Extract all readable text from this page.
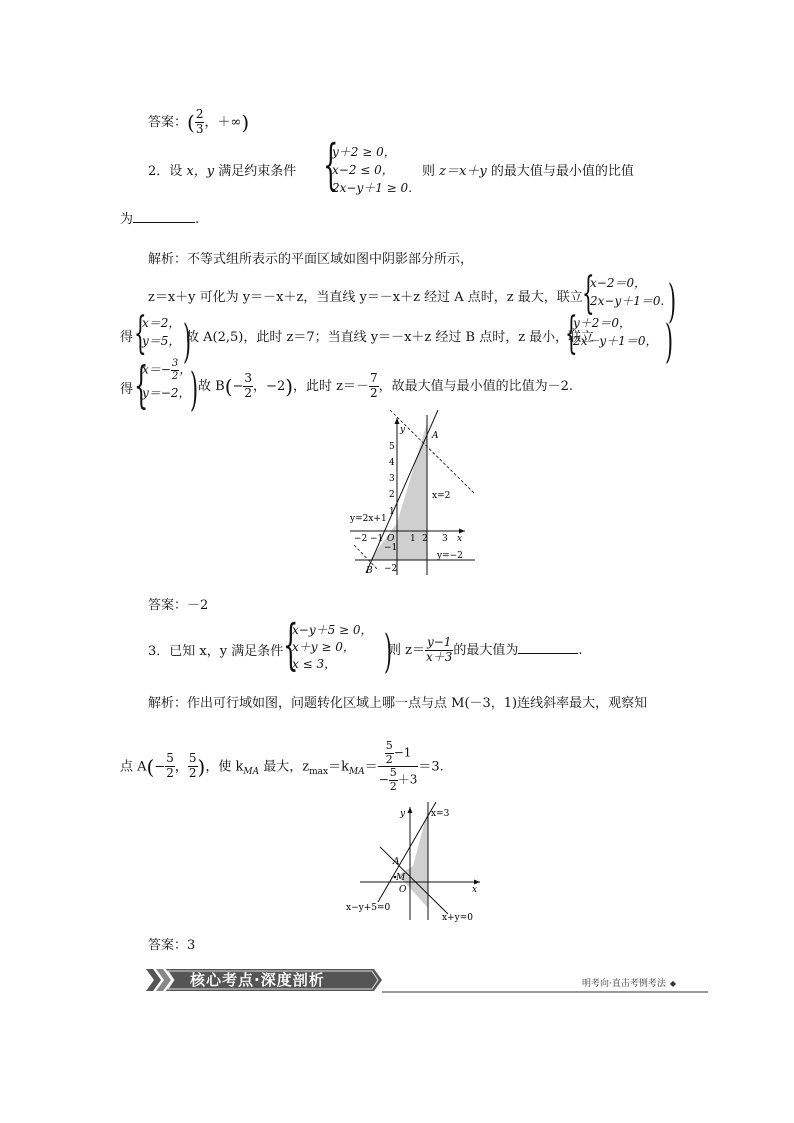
答案：( $\frac{2}{3}$ ，＋∞)
2．设 x，y 满足约束条件 {
y＋2 ≥ 0，
x−2 ≤ 0，
2x−y＋1 ≥ 0.
则 z＝x＋y 的最大值与最小值的比值
为	.
解析：不等式组所表示的平面区域如图中阴影部分所示，
z＝x＋y 可化为 y＝－x＋z，当直线 y＝－x＋z 经过 A 点时，z 最大，联立 {
x−2＝0，
2x−y＋1＝0. )
得 {
x＝2，
y＝5， )
故 A(2,5)，此时 z＝7；当直线 y＝－x＋z 经过 B 点时，z 最小，联立
{
y＋2＝0，
2x－y＋1＝0， )
得 {
$x=- \frac{3}{2}$ ，
y＝−2， ) 故 $B(- \frac{3}{2}$ ，−2)，此时 $z=- \frac{7}{2}$ ，故最大值与最小值的比值为－2.
y
x
A
B
O
x=2
y=2x+1
y=−2
5
4
3
2
1
−1
−2
−2 −1	1 2 3
答案：－2
3．已知 x，y 满足条件 {
x−y＋5 ≥ 0，
x＋y ≥ 0，
x ≤ 3，	)
则 $z= \frac{y-1}{x+3}$ 的最大值为	.
解析：作出可行域如图，问题转化区域上哪一点与点 M(－3，1)连线斜率最大，观察知
点 $A(- \frac{5}{2}$ ， $\frac{5}{2}$ )，使 $k_{MA}$ 最大，$z_{max}=k_{MA}= \frac{\frac{5}{2} -1}{- \frac{5}{2} +3} =3$.
y
x
A
M
O
x=3
x−y+5=0
x+y=0
答案：3
核心考点·深度剖析	明考向·直击考例考法 ◆
